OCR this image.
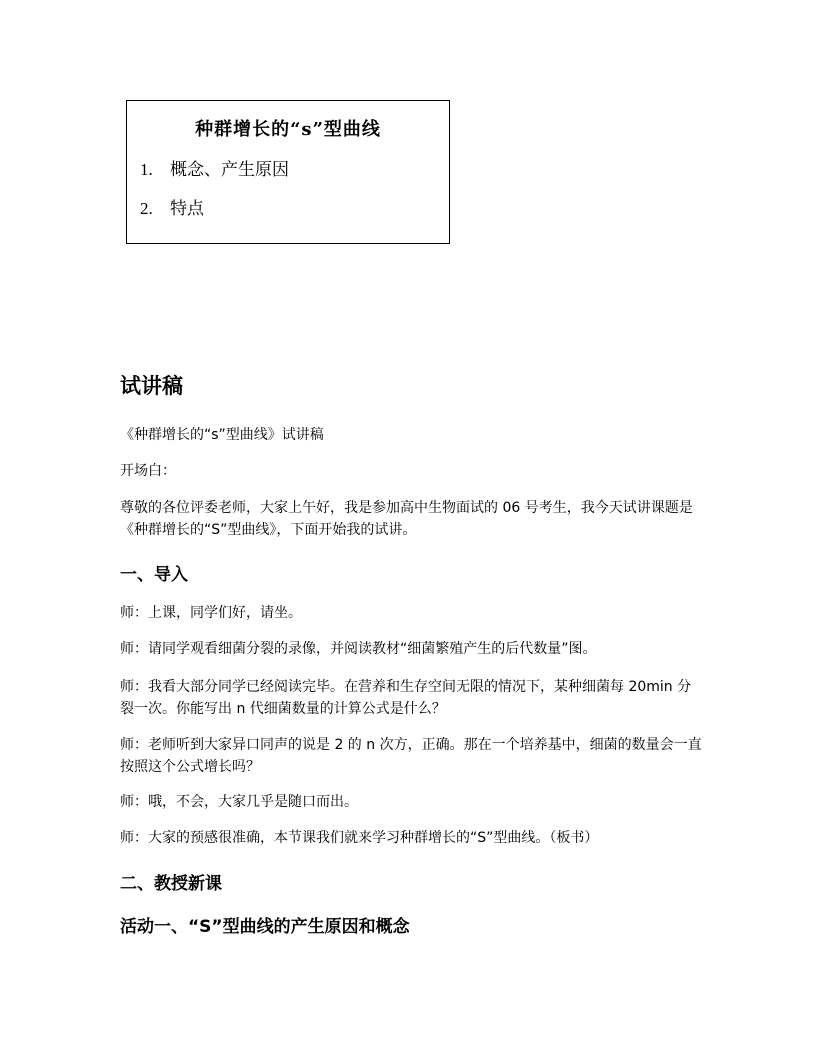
种群增长的“s”型曲线
1.	概念、产生原因
2.	特点
试讲稿

《种群增长的“s”型曲线》试讲稿

开场白：

尊敬的各位评委老师，大家上午好，我是参加高中生物面试的 06 号考生，我今天试讲课题是《种群增长的“S”型曲线》，下面开始我的试讲。

一、导入

师：上课，同学们好，请坐。

师：请同学观看细菌分裂的录像，并阅读教材“细菌繁殖产生的后代数量”图。

师：我看大部分同学已经阅读完毕。在营养和生存空间无限的情况下，某种细菌每 20min 分裂一次。你能写出 n 代细菌数量的计算公式是什么？

师：老师听到大家异口同声的说是 2 的 n 次方，正确。那在一个培养基中，细菌的数量会一直按照这个公式增长吗？

师：哦，不会，大家几乎是随口而出。

师：大家的预感很准确，本节课我们就来学习种群增长的“S”型曲线。（板书）

二、教授新课
活动一、“S”型曲线的产生原因和概念
